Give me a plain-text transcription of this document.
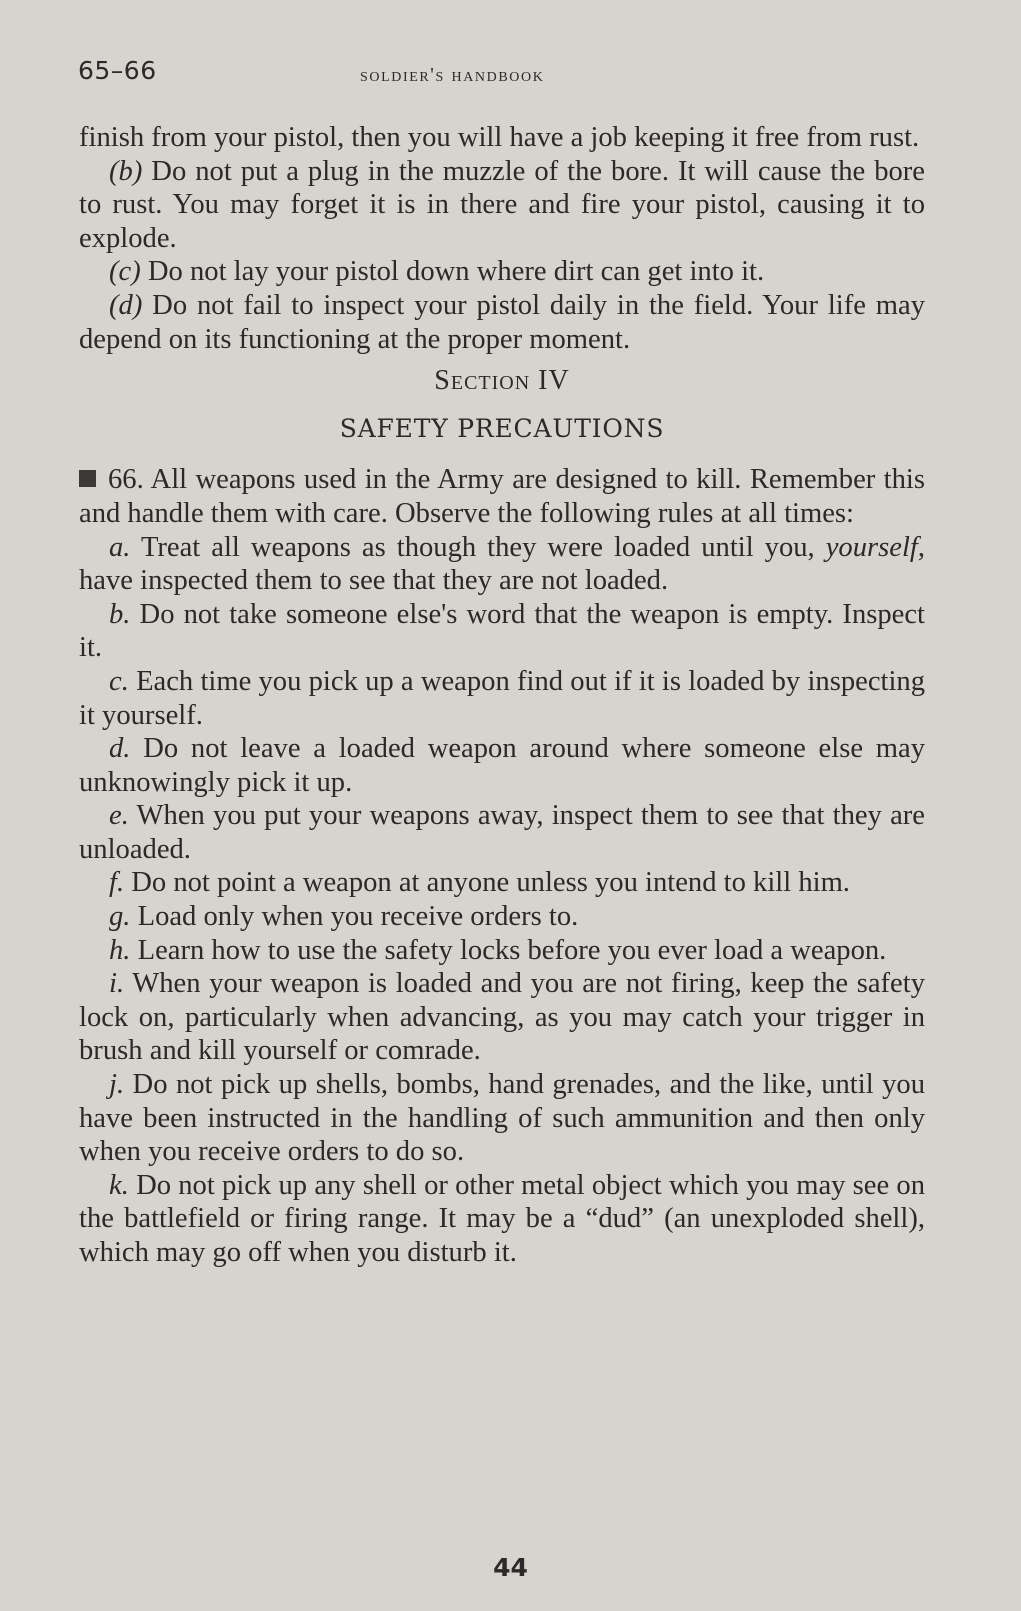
65–66	soldier's handbook

finish from your pistol, then you will have a job keeping it free from rust.

(b) Do not put a plug in the muzzle of the bore. It will cause the bore to rust. You may forget it is in there and fire your pistol, causing it to explode.

(c) Do not lay your pistol down where dirt can get into it.

(d) Do not fail to inspect your pistol daily in the field. Your life may depend on its functioning at the proper moment.

Section IV

SAFETY PRECAUTIONS

66. All weapons used in the Army are designed to kill. Remember this and handle them with care. Observe the following rules at all times:

a. Treat all weapons as though they were loaded until you, yourself, have inspected them to see that they are not loaded.

b. Do not take someone else's word that the weapon is empty. Inspect it.

c. Each time you pick up a weapon find out if it is loaded by inspecting it yourself.

d. Do not leave a loaded weapon around where someone else may unknowingly pick it up.

e. When you put your weapons away, inspect them to see that they are unloaded.

f. Do not point a weapon at anyone unless you intend to kill him.

g. Load only when you receive orders to.

h. Learn how to use the safety locks before you ever load a weapon.

i. When your weapon is loaded and you are not firing, keep the safety lock on, particularly when advancing, as you may catch your trigger in brush and kill yourself or comrade.

j. Do not pick up shells, bombs, hand grenades, and the like, until you have been instructed in the handling of such ammunition and then only when you receive orders to do so.

k. Do not pick up any shell or other metal object which you may see on the battlefield or firing range. It may be a “dud” (an unexploded shell), which may go off when you disturb it.

44
